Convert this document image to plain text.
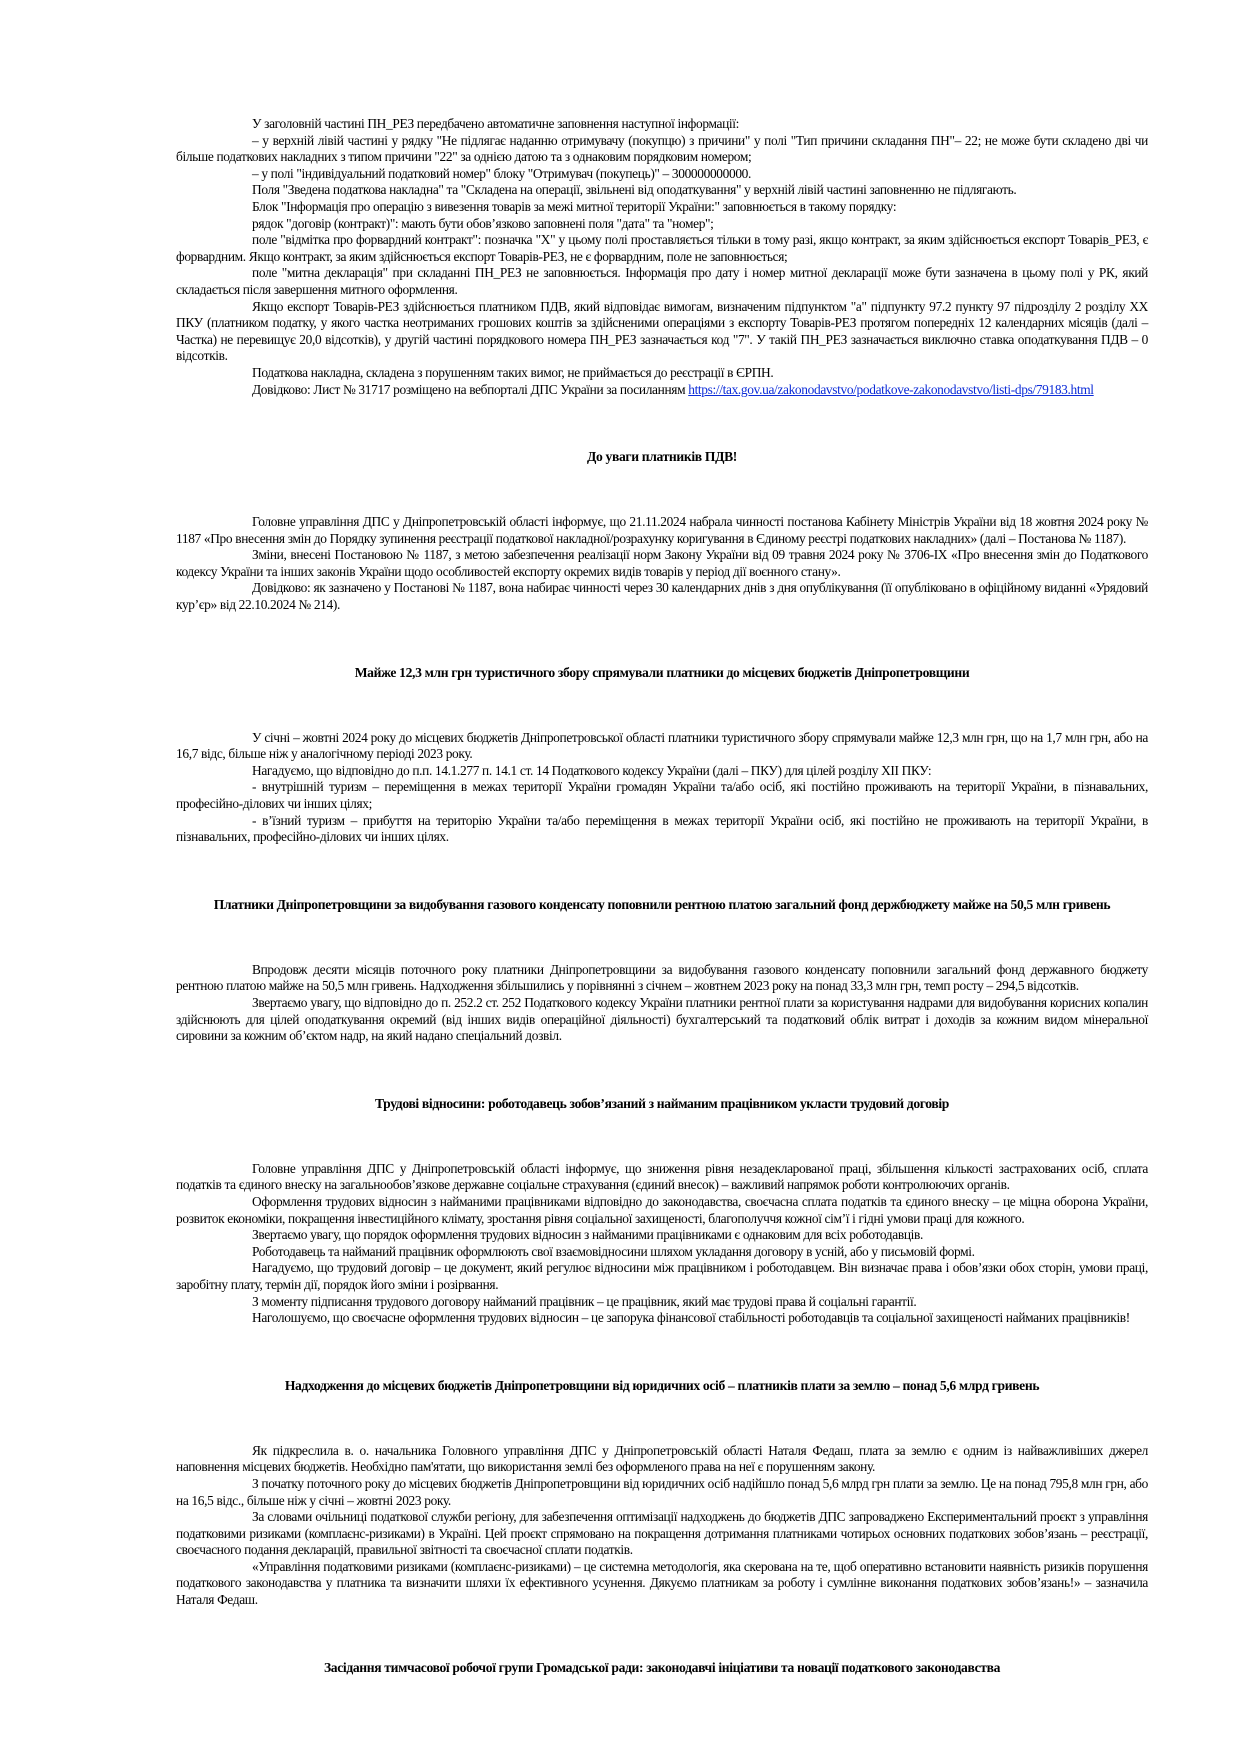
У заголовній частині ПН_РЕЗ передбачено автоматичне заповнення наступної інформації:

– у верхній лівій частині у рядку "Не підлягає наданню отримувачу (покупцю) з причини" у полі "Тип причини складання ПН"– 22; не може бути складено дві чи більше податкових накладних з типом причини "22" за однією датою та з однаковим порядковим номером;

– у полі "індивідуальний податковий номер" блоку "Отримувач (покупець)" – 300000000000.

Поля "Зведена податкова накладна" та "Складена на операції, звільнені від оподаткування" у верхній лівій частині заповненню не підлягають.

Блок "Інформація про операцію з вивезення товарів за межі митної території України:" заповнюється в такому порядку:

рядок "договір (контракт)": мають бути обов’язково заповнені поля "дата" та "номер";

поле "відмітка про форвардний контракт": позначка "Х" у цьому полі проставляється тільки в тому разі, якщо контракт, за яким здійснюється експорт Товарів_РЕЗ, є форвардним. Якщо контракт, за яким здійснюється експорт Товарів-РЕЗ, не є форвардним, поле не заповнюється;

поле "митна декларація" при складанні ПН_РЕЗ не заповнюється. Інформація про дату і номер митної декларації може бути зазначена в цьому полі у РК, який складається після завершення митного оформлення.

Якщо експорт Товарів-РЕЗ здійснюється платником ПДВ, який відповідає вимогам, визначеним підпунктом "а" підпункту 97.2 пункту 97 підрозділу 2 розділу XX ПКУ (платником податку, у якого частка неотриманих грошових коштів за здійсненими операціями з експорту Товарів-РЕЗ протягом попередніх 12 календарних місяців (далі – Частка) не перевищує 20,0 відсотків), у другій частині порядкового номера ПН_РЕЗ зазначається код "7". У такій ПН_РЕЗ зазначається виключно ставка оподаткування ПДВ – 0 відсотків.

Податкова накладна, складена з порушенням таких вимог, не приймається до реєстрації в ЄРПН.

Довідково: Лист № 31717 розміщено на вебпорталі ДПС України за посиланням https://tax.gov.ua/zakonodavstvo/podatkove-zakonodavstvo/listi-dps/79183.html

До уваги платників ПДВ!

Головне управління ДПС у Дніпропетровській області інформує, що 21.11.2024 набрала чинності постанова Кабінету Міністрів України від 18 жовтня 2024 року № 1187 «Про внесення змін до Порядку зупинення реєстрації податкової накладної/розрахунку коригування в Єдиному реєстрі податкових накладних» (далі – Постанова № 1187).

Зміни, внесені Постановою № 1187, з метою забезпечення реалізації норм Закону України від 09 травня 2024 року № 3706-IX «Про внесення змін до Податкового кодексу України та інших законів України щодо особливостей експорту окремих видів товарів у період дії воєнного стану».

Довідково: як зазначено у Постанові № 1187, вона набирає чинності через 30 календарних днів з дня опублікування (її опубліковано в офіційному виданні «Урядовий кур’єр» від 22.10.2024 № 214).

Майже 12,3 млн грн туристичного збору спрямували платники до місцевих бюджетів Дніпропетровщини

У січні – жовтні 2024 року до місцевих бюджетів Дніпропетровської області платники туристичного збору спрямували майже 12,3 млн грн, що на 1,7 млн грн, або на 16,7 відс, більше ніж у аналогічному періоді 2023 року.

Нагадуємо, що відповідно до п.п. 14.1.277 п. 14.1 ст. 14 Податкового кодексу України (далі – ПКУ) для цілей розділу XII ПКУ:

- внутрішній туризм – переміщення в межах території України громадян України та/або осіб, які постійно проживають на території України, в пізнавальних, професійно-ділових чи інших цілях;

- в’їзний туризм – прибуття на територію України та/або переміщення в межах території України осіб, які постійно не проживають на території України, в пізнавальних, професійно-ділових чи інших цілях.

Платники Дніпропетровщини за видобування газового конденсату поповнили рентною платою загальний фонд держбюджету майже на 50,5 млн гривень

Впродовж десяти місяців поточного року платники Дніпропетровщини за видобування газового конденсату поповнили загальний фонд державного бюджету рентною платою майже на 50,5 млн гривень. Надходження збільшились у порівнянні з січнем – жовтнем 2023 року на понад 33,3 млн грн, темп росту – 294,5 відсотків.

Звертаємо увагу, що відповідно до п. 252.2 ст. 252 Податкового кодексу України платники рентної плати за користування надрами для видобування корисних копалин здійснюють для цілей оподаткування окремий (від інших видів операційної діяльності) бухгалтерський та податковий облік витрат і доходів за кожним видом мінеральної сировини за кожним об’єктом надр, на який надано спеціальний дозвіл.

Трудові відносини: роботодавець зобов’язаний з найманим працівником укласти трудовий договір

Головне управління ДПС у Дніпропетровській області інформує, що зниження рівня незадекларованої праці, збільшення кількості застрахованих осіб, сплата податків та єдиного внеску на загальнообов’язкове державне соціальне страхування (єдиний внесок) – важливий напрямок роботи контролюючих органів.

Оформлення трудових відносин з найманими працівниками відповідно до законодавства, своєчасна сплата податків та єдиного внеску – це міцна оборона України, розвиток економіки, покращення інвестиційного клімату, зростання рівня соціальної захищеності, благополуччя кожної сім’ї і гідні умови праці для кожного.

Звертаємо увагу, що порядок оформлення трудових відносин з найманими працівниками є однаковим для всіх роботодавців.

Роботодавець та найманий працівник оформлюють свої взаємовідносини шляхом укладання договору в усній, або у письмовій формі.

Нагадуємо, що трудовий договір – це документ, який регулює відносини між працівником і роботодавцем. Він визначає права і обов’язки обох сторін, умови праці, заробітну плату, термін дії, порядок його зміни і розірвання.

З моменту підписання трудового договору найманий працівник – це працівник, який має трудові права й соціальні гарантії.

Наголошуємо, що своєчасне оформлення трудових відносин – це запорука фінансової стабільності роботодавців та соціальної захищеності найманих працівників!

Надходження до місцевих бюджетів Дніпропетровщини від юридичних осіб – платників плати за землю – понад 5,6 млрд гривень

Як підкреслила в. о. начальника Головного управління ДПС у Дніпропетровській області Наталя Федаш, плата за землю є одним із найважливіших джерел наповнення місцевих бюджетів. Необхідно пам'ятати, що використання землі без оформленого права на неї є порушенням закону.

З початку поточного року до місцевих бюджетів Дніпропетровщини від юридичних осіб надійшло понад 5,6 млрд грн плати за землю. Це на понад 795,8 млн грн, або на 16,5 відс., більше ніж у січні – жовтні 2023 року.

За словами очільниці податкової служби регіону, для забезпечення оптимізації надходжень до бюджетів ДПС запроваджено Експериментальний проєкт з управління податковими ризиками (комплаєнс-ризиками) в Україні. Цей проєкт спрямовано на покращення дотримання платниками чотирьох основних податкових зобов’язань – реєстрації, своєчасного подання декларацій, правильної звітності та своєчасної сплати податків.

«Управління податковими ризиками (комплаєнс-ризиками) – це системна методологія, яка скерована на те, щоб оперативно встановити наявність ризиків порушення податкового законодавства у платника та визначити шляхи їх ефективного усунення. Дякуємо платникам за роботу і сумлінне виконання податкових зобов’язань!» – зазначила Наталя Федаш.

Засідання тимчасової робочої групи Громадської ради: законодавчі ініціативи та новації податкового законодавства
